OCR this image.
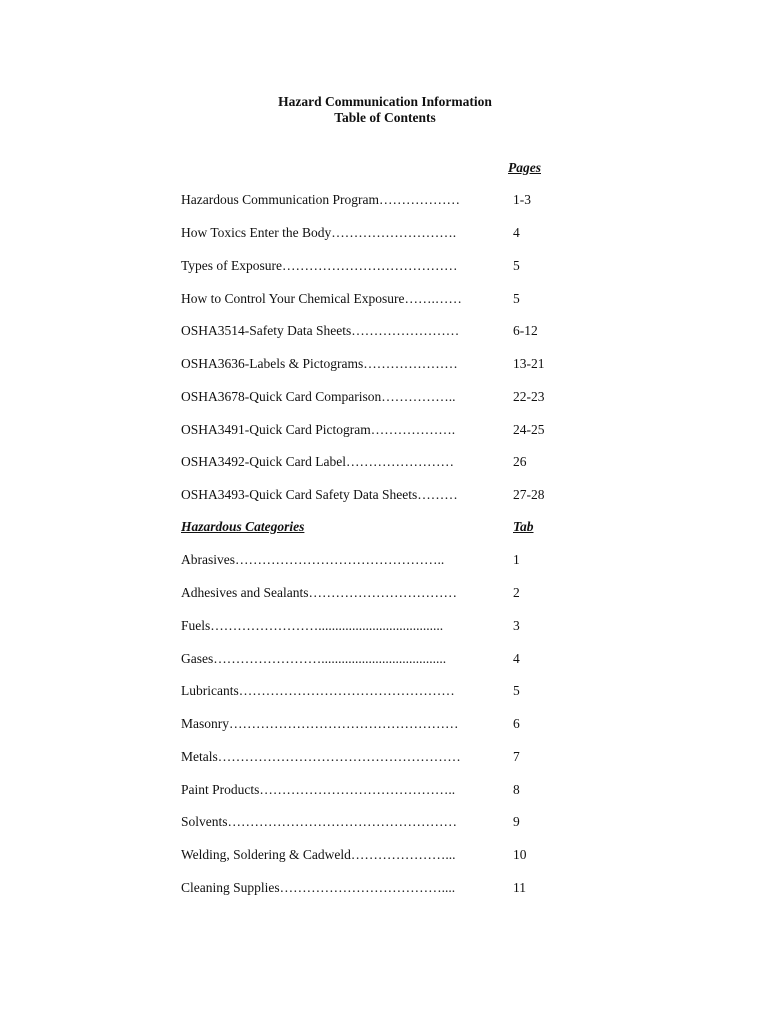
Hazard Communication Information
Table of Contents
Pages
Hazardous Communication Program………………	1-3
How Toxics Enter the Body……………………….	4
Types of Exposure…………………………………	5
How to Control Your Chemical Exposure…….……	5
OSHA3514-Safety Data Sheets……………………	6-12
OSHA3636-Labels & Pictograms…………………	13-21
OSHA3678-Quick Card Comparison……………..	22-23
OSHA3491-Quick Card Pictogram……………….	24-25
OSHA3492-Quick Card Label……………………	26
OSHA3493-Quick Card Safety Data Sheets………	27-28
Hazardous Categories	Tab
Abrasives………………………………………..	1
Adhesives and Sealants……………………………	2
Fuels…………………….....................................	3
Gases…………………….....................................	4
Lubricants…………………………………………	5
Masonry……………………………………………	6
Metals………………………………………………	7
Paint Products……………………………………..	8
Solvents……………………………………………	9
Welding, Soldering & Cadweld…………………...	10
Cleaning Supplies………………………………....	11
